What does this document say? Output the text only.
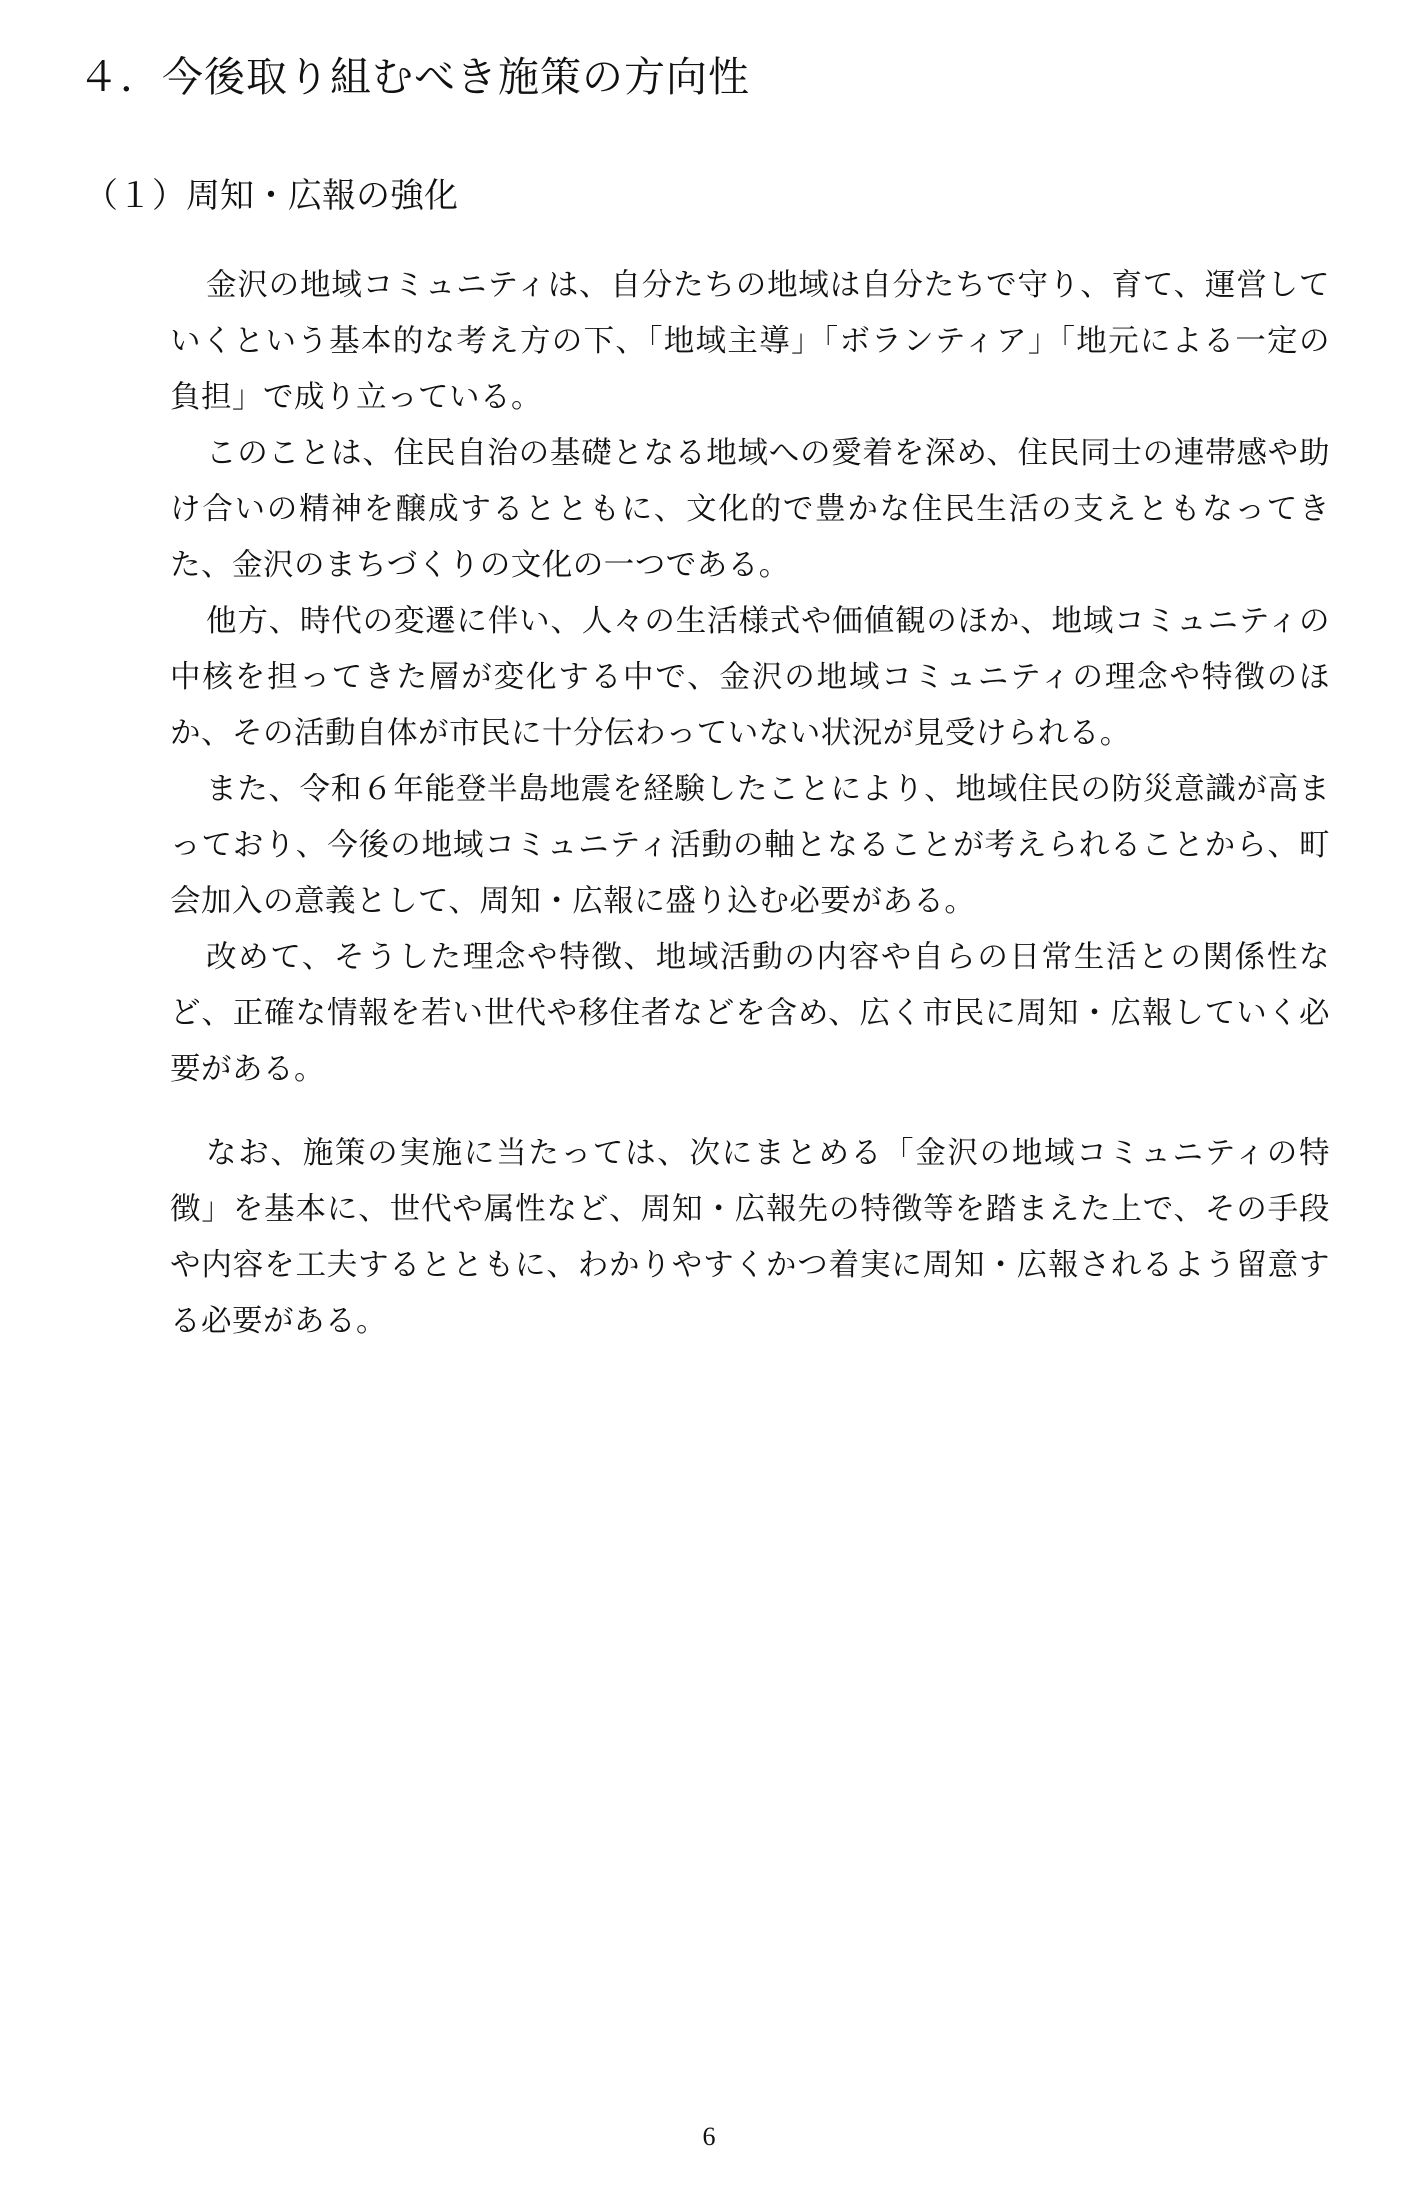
４．今後取り組むべき施策の方向性
（１）周知・広報の強化

金沢の地域コミュニティは、自分たちの地域は自分たちで守り、育て、運営していくという基本的な考え方の下、「地域主導」「ボランティア」「地元による一定の負担」で成り立っている。

このことは、住民自治の基礎となる地域への愛着を深め、住民同士の連帯感や助け合いの精神を醸成するとともに、文化的で豊かな住民生活の支えともなってきた、金沢のまちづくりの文化の一つである。

他方、時代の変遷に伴い、人々の生活様式や価値観のほか、地域コミュニティの中核を担ってきた層が変化する中で、金沢の地域コミュニティの理念や特徴のほか、その活動自体が市民に十分伝わっていない状況が見受けられる。

また、令和６年能登半島地震を経験したことにより、地域住民の防災意識が高まっており、今後の地域コミュニティ活動の軸となることが考えられることから、町会加入の意義として、周知・広報に盛り込む必要がある。

改めて、そうした理念や特徴、地域活動の内容や自らの日常生活との関係性など、正確な情報を若い世代や移住者などを含め、広く市民に周知・広報していく必要がある。

なお、施策の実施に当たっては、次にまとめる「金沢の地域コミュニティの特徴」を基本に、世代や属性など、周知・広報先の特徴等を踏まえた上で、その手段や内容を工夫するとともに、わかりやすくかつ着実に周知・広報されるよう留意する必要がある。

6
